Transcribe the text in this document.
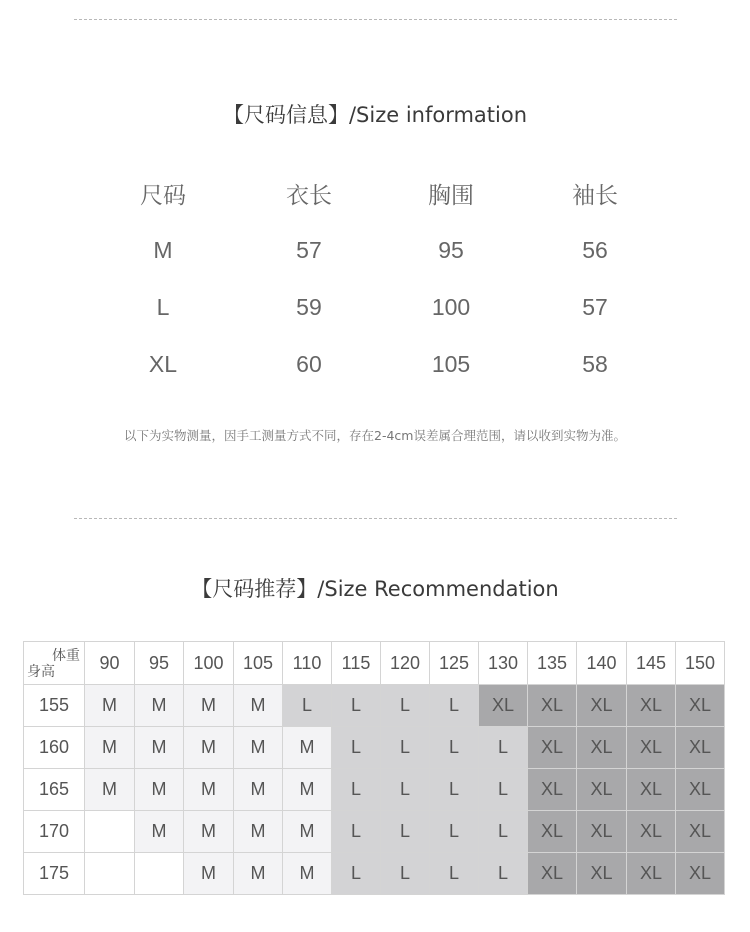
【尺码信息】/Size information
尺码	衣长	胸围	袖长
M	57	95	56
L	59	100	57
XL	60	105	58
以下为实物测量，因手工测量方式不同，存在2-4cm误差属合理范围，请以收到实物为准。
【尺码推荐】/Size Recommendation
体重
身高	90	95	100	105	110	115	120	125	130	135	140	145	150
155	M	M	M	M	L	L	L	L	XL	XL	XL	XL	XL
160	M	M	M	M	M	L	L	L	L	XL	XL	XL	XL
165	M	M	M	M	M	L	L	L	L	XL	XL	XL	XL
170		M	M	M	M	L	L	L	L	XL	XL	XL	XL
175			M	M	M	L	L	L	L	XL	XL	XL	XL
